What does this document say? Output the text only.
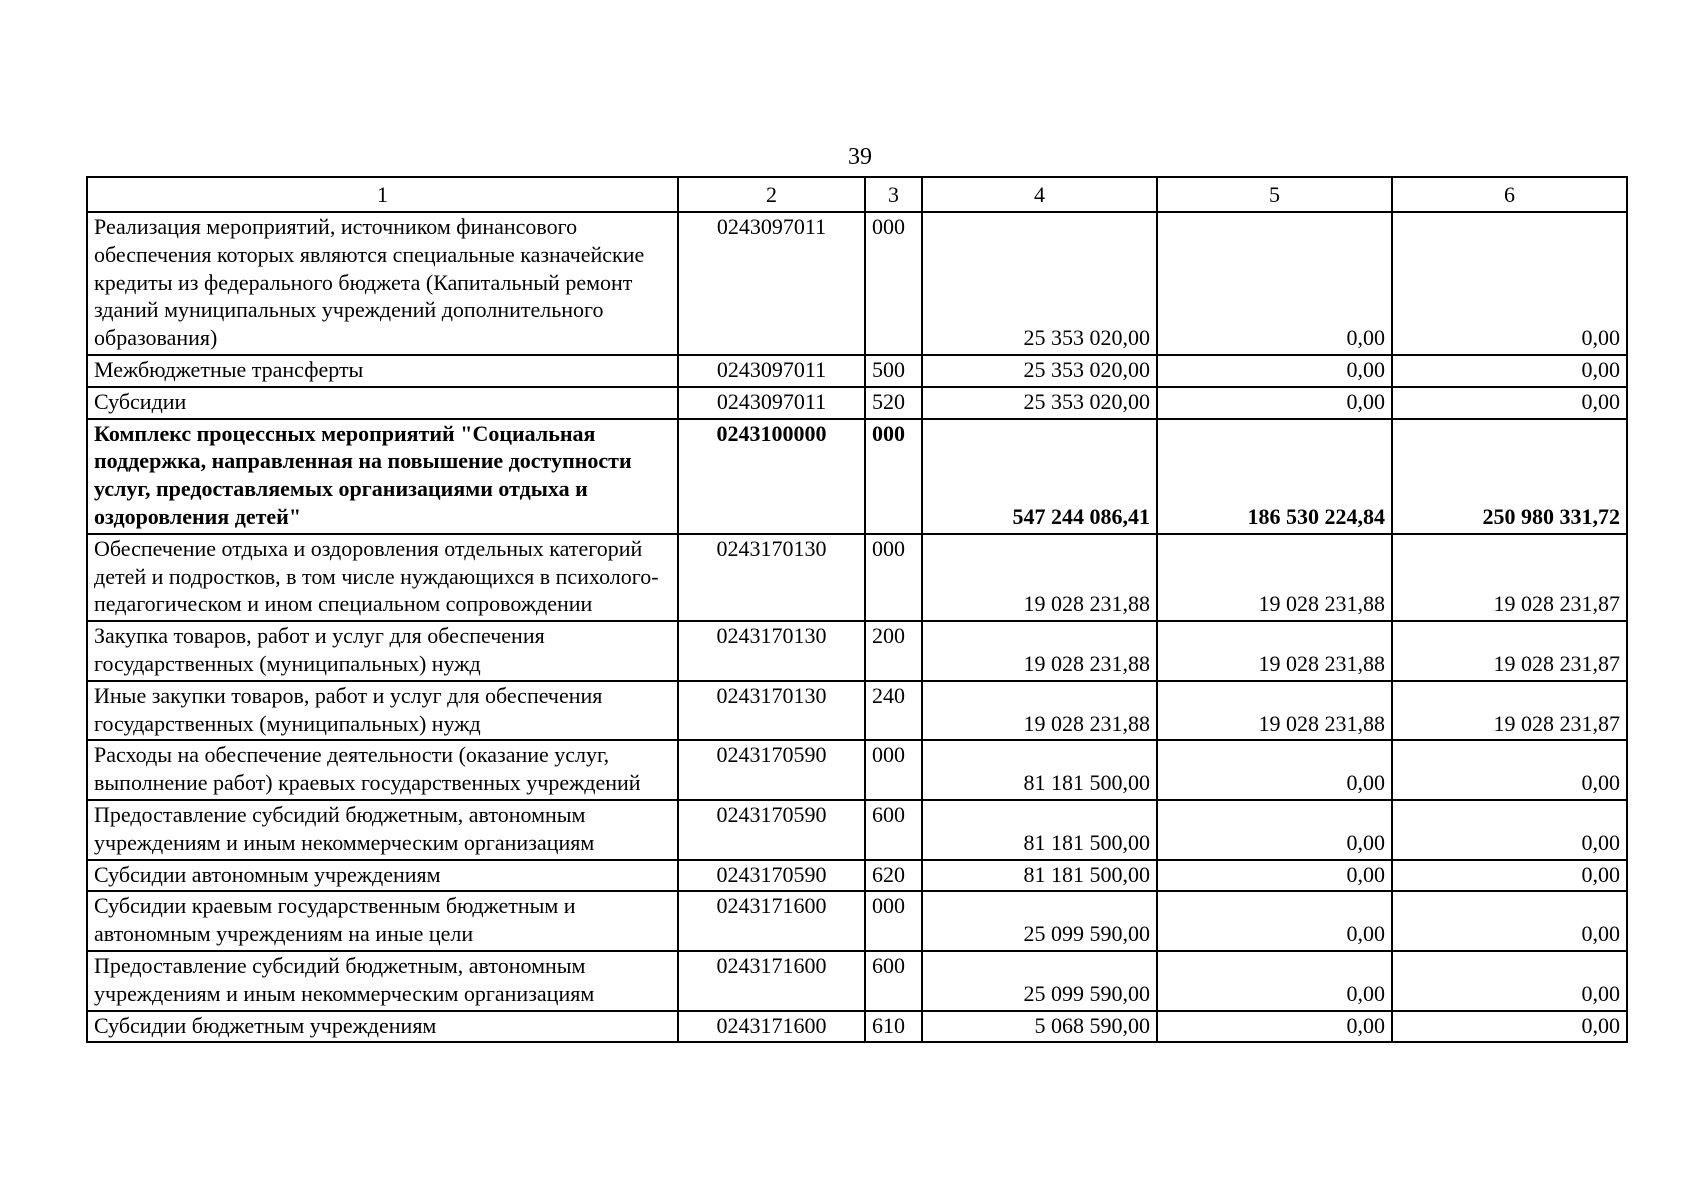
39
1	2	3	4	5	6
Реализация мероприятий, источником финансового обеспечения которых являются специальные казначейские кредиты из федерального бюджета (Капитальный ремонт зданий муниципальных учреждений дополнительного образования)	0243097011	000	25 353 020,00	0,00	0,00
Межбюджетные трансферты	0243097011	500	25 353 020,00	0,00	0,00
Субсидии	0243097011	520	25 353 020,00	0,00	0,00
Комплекс процессных мероприятий "Социальная поддержка, направленная на повышение доступности услуг, предоставляемых организациями отдыха и оздоровления детей"	0243100000	000	547 244 086,41	186 530 224,84	250 980 331,72
Обеспечение отдыха и оздоровления отдельных категорий детей и подростков, в том числе нуждающихся в психолого-педагогическом и ином специальном сопровождении	0243170130	000	19 028 231,88	19 028 231,88	19 028 231,87
Закупка товаров, работ и услуг для обеспечения государственных (муниципальных) нужд	0243170130	200	19 028 231,88	19 028 231,88	19 028 231,87
Иные закупки товаров, работ и услуг для обеспечения государственных (муниципальных) нужд	0243170130	240	19 028 231,88	19 028 231,88	19 028 231,87
Расходы на обеспечение деятельности (оказание услуг, выполнение работ) краевых государственных учреждений	0243170590	000	81 181 500,00	0,00	0,00
Предоставление субсидий бюджетным, автономным учреждениям и иным некоммерческим организациям	0243170590	600	81 181 500,00	0,00	0,00
Субсидии автономным учреждениям	0243170590	620	81 181 500,00	0,00	0,00
Субсидии краевым государственным бюджетным и автономным учреждениям на иные цели	0243171600	000	25 099 590,00	0,00	0,00
Предоставление субсидий бюджетным, автономным учреждениям и иным некоммерческим организациям	0243171600	600	25 099 590,00	0,00	0,00
Субсидии бюджетным учреждениям	0243171600	610	5 068 590,00	0,00	0,00
